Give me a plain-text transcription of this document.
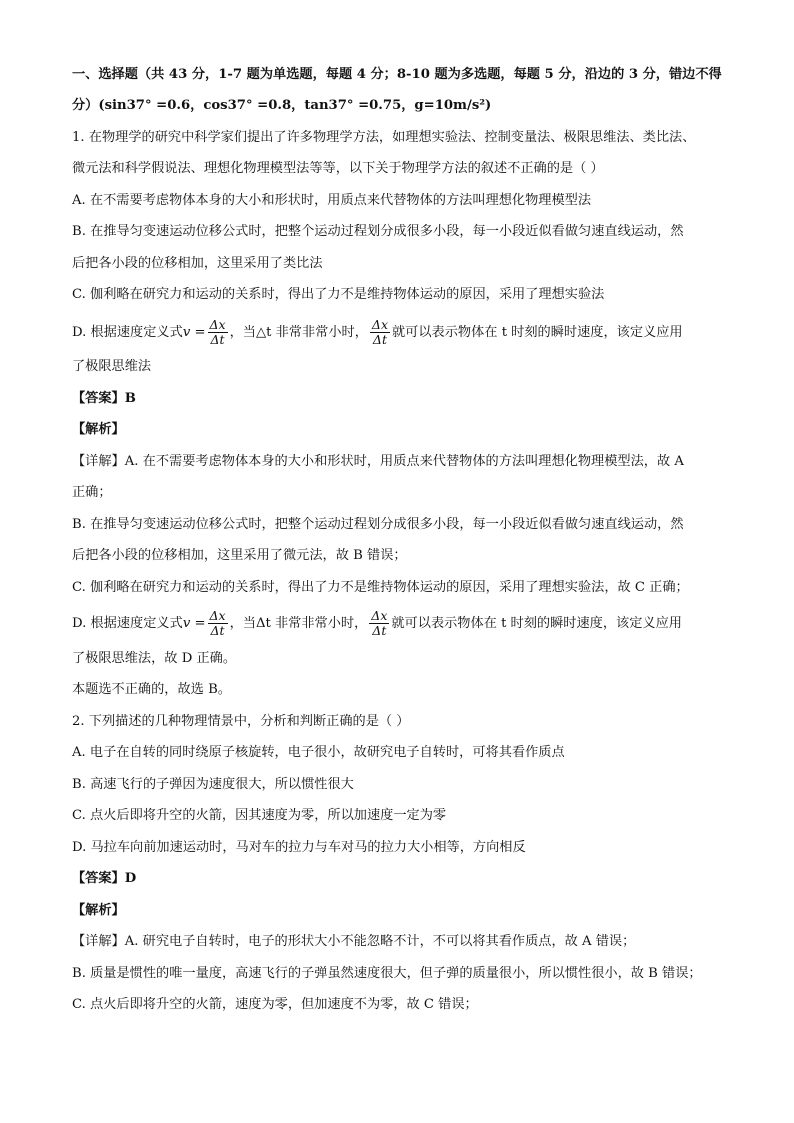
一、选择题（共 43 分，1-7 题为单选题，每题 4 分；8-10 题为多选题，每题 5 分，沿边的 3 分，错边不得
分）(sin37° =0.6，cos37° =0.8，tan37° =0.75，g=10m/s²)
1. 在物理学的研究中科学家们提出了许多物理学方法，如理想实验法、控制变量法、极限思维法、类比法、
微元法和科学假说法、理想化物理模型法等等，以下关于物理学方法的叙述不正确的是（ ）
A. 在不需要考虑物体本身的大小和形状时，用质点来代替物体的方法叫理想化物理模型法
B. 在推导匀变速运动位移公式时，把整个运动过程划分成很多小段，每一小段近似看做匀速直线运动，然
后把各小段的位移相加，这里采用了类比法
C. 伽利略在研究力和运动的关系时，得出了力不是维持物体运动的原因，采用了理想实验法
D. 根据速度定义式$v = \frac{\Delta x}{\Delta t}$ ，当△t 非常非常小时， $\frac{\Delta x}{\Delta t}$ 就可以表示物体在 t 时刻的瞬时速度，该定义应用
了极限思维法
【答案】B
【解析】
【详解】A. 在不需要考虑物体本身的大小和形状时，用质点来代替物体的方法叫理想化物理模型法，故 A
正确；
B. 在推导匀变速运动位移公式时，把整个运动过程划分成很多小段，每一小段近似看做匀速直线运动，然
后把各小段的位移相加，这里采用了微元法，故 B 错误；
C. 伽利略在研究力和运动的关系时，得出了力不是维持物体运动的原因，采用了理想实验法，故 C 正确；
D. 根据速度定义式$v = \frac{\Delta x}{\Delta t}$ ，当Δt 非常非常小时， $\frac{\Delta x}{\Delta t}$ 就可以表示物体在 t 时刻的瞬时速度，该定义应用
了极限思维法，故 D 正确。
本题选不正确的，故选 B。
2. 下列描述的几种物理情景中，分析和判断正确的是（ ）
A. 电子在自转的同时绕原子核旋转，电子很小，故研究电子自转时，可将其看作质点
B. 高速飞行的子弹因为速度很大，所以惯性很大
C. 点火后即将升空的火箭，因其速度为零，所以加速度一定为零
D. 马拉车向前加速运动时，马对车的拉力与车对马的拉力大小相等，方向相反
【答案】D
【解析】
【详解】A. 研究电子自转时，电子的形状大小不能忽略不计，不可以将其看作质点，故 A 错误；
B. 质量是惯性的唯一量度，高速飞行的子弹虽然速度很大，但子弹的质量很小，所以惯性很小，故 B 错误；
C. 点火后即将升空的火箭，速度为零，但加速度不为零，故 C 错误；
